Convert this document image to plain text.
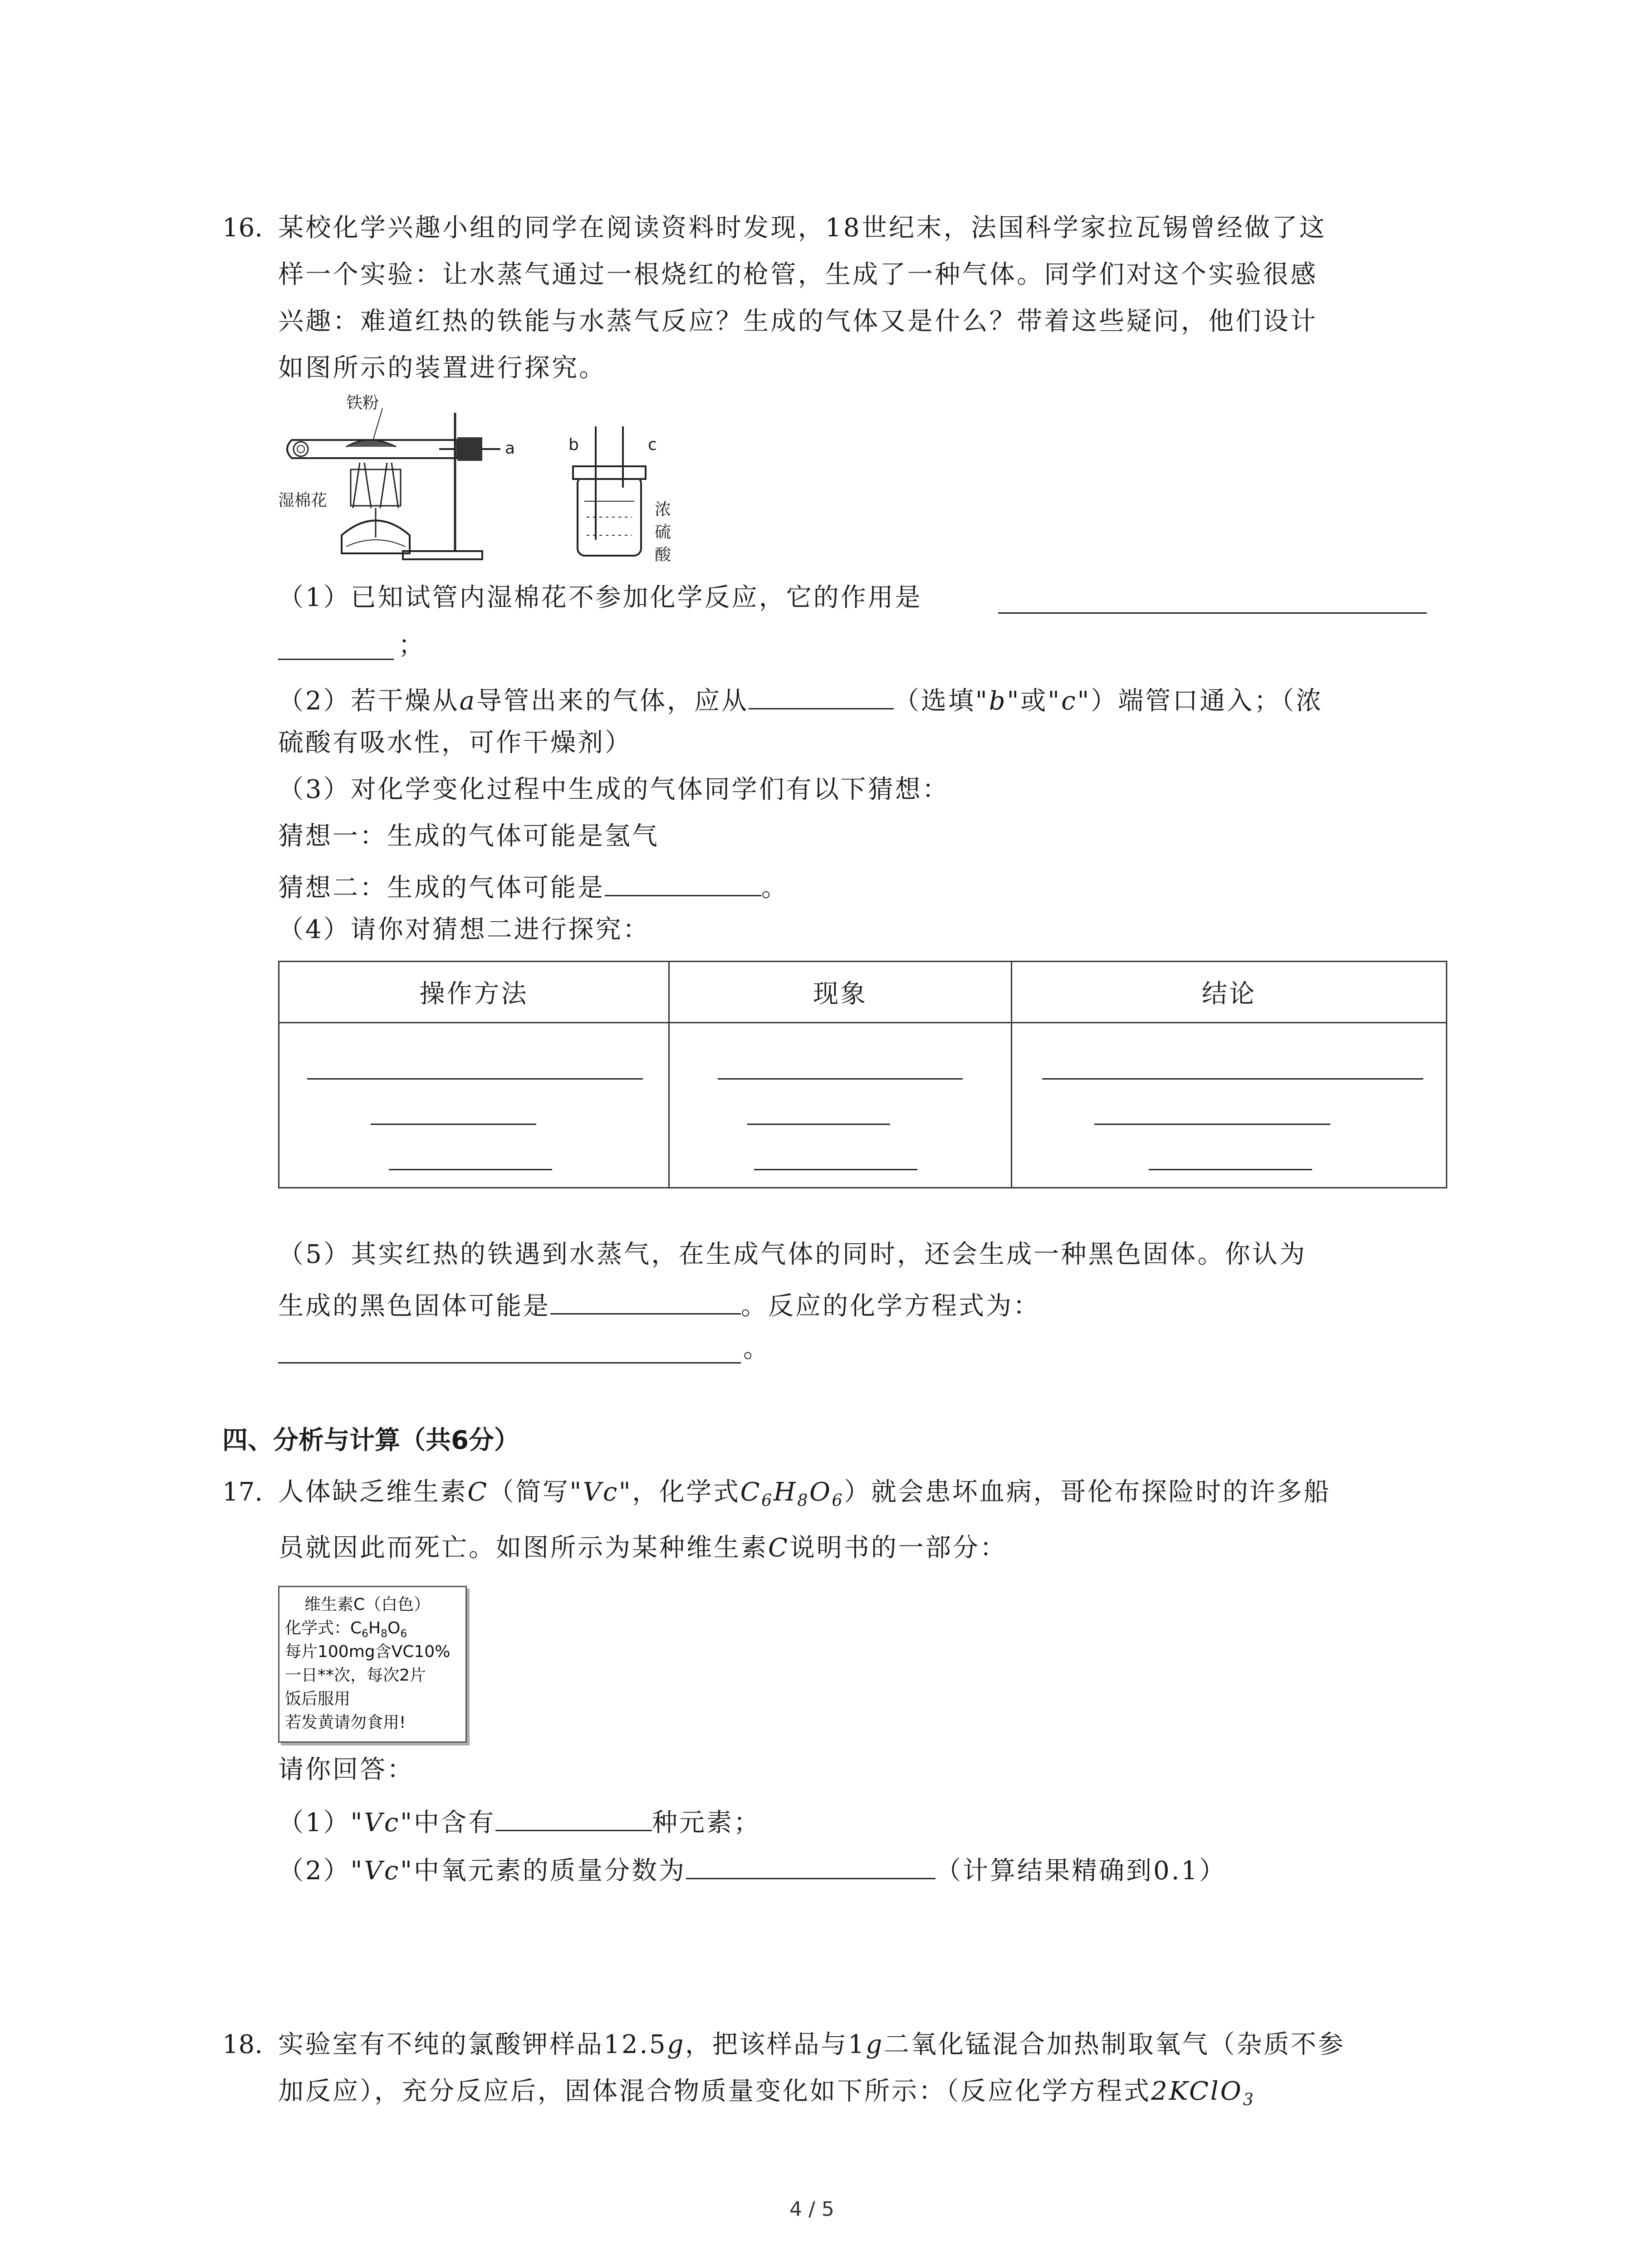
16. 某校化学兴趣小组的同学在阅读资料时发现，18世纪末，法国科学家拉瓦锡曾经做了这
样一个实验：让水蒸气通过一根烧红的枪管，生成了一种气体。同学们对这个实验很感
兴趣：难道红热的铁能与水蒸气反应？生成的气体又是什么？带着这些疑问，他们设计
如图所示的装置进行探究。
铁粉
湿棉花
a	b	c
浓
硫
酸
（1）已知试管内湿棉花不参加化学反应，它的作用是
；
（2）若干燥从a导管出来的气体，应从	（选填"b"或"c"）端管口通入；（浓
硫酸有吸水性，可作干燥剂）
（3）对化学变化过程中生成的气体同学们有以下猜想：
猜想一：生成的气体可能是氢气
猜想二：生成的气体可能是	。
（4）请你对猜想二进行探究：
操作方法	现象	结论

（5）其实红热的铁遇到水蒸气，在生成气体的同时，还会生成一种黑色固体。你认为
生成的黑色固体可能是	。反应的化学方程式为：
。
四、分析与计算（共6分）
17. 人体缺乏维生素C（简写"Vc"，化学式$C_6H_8O_6$）就会患坏血病，哥伦布探险时的许多船
员就因此而死亡。如图所示为某种维生素C说明书的一部分：
维生素C（白色）
化学式：$C_6H_8O_6$
每片100mg含VC10%
一日**次，每次2片
饭后服用
若发黄请勿食用!
请你回答：
（1）"Vc"中含有	种元素；
（2）"Vc"中氧元素的质量分数为	（计算结果精确到0.1）
18. 实验室有不纯的氯酸钾样品12.5g，把该样品与1g二氧化锰混合加热制取氧气（杂质不参
加反应），充分反应后，固体混合物质量变化如下所示：（反应化学方程式2KClO$_3$
4 / 5
